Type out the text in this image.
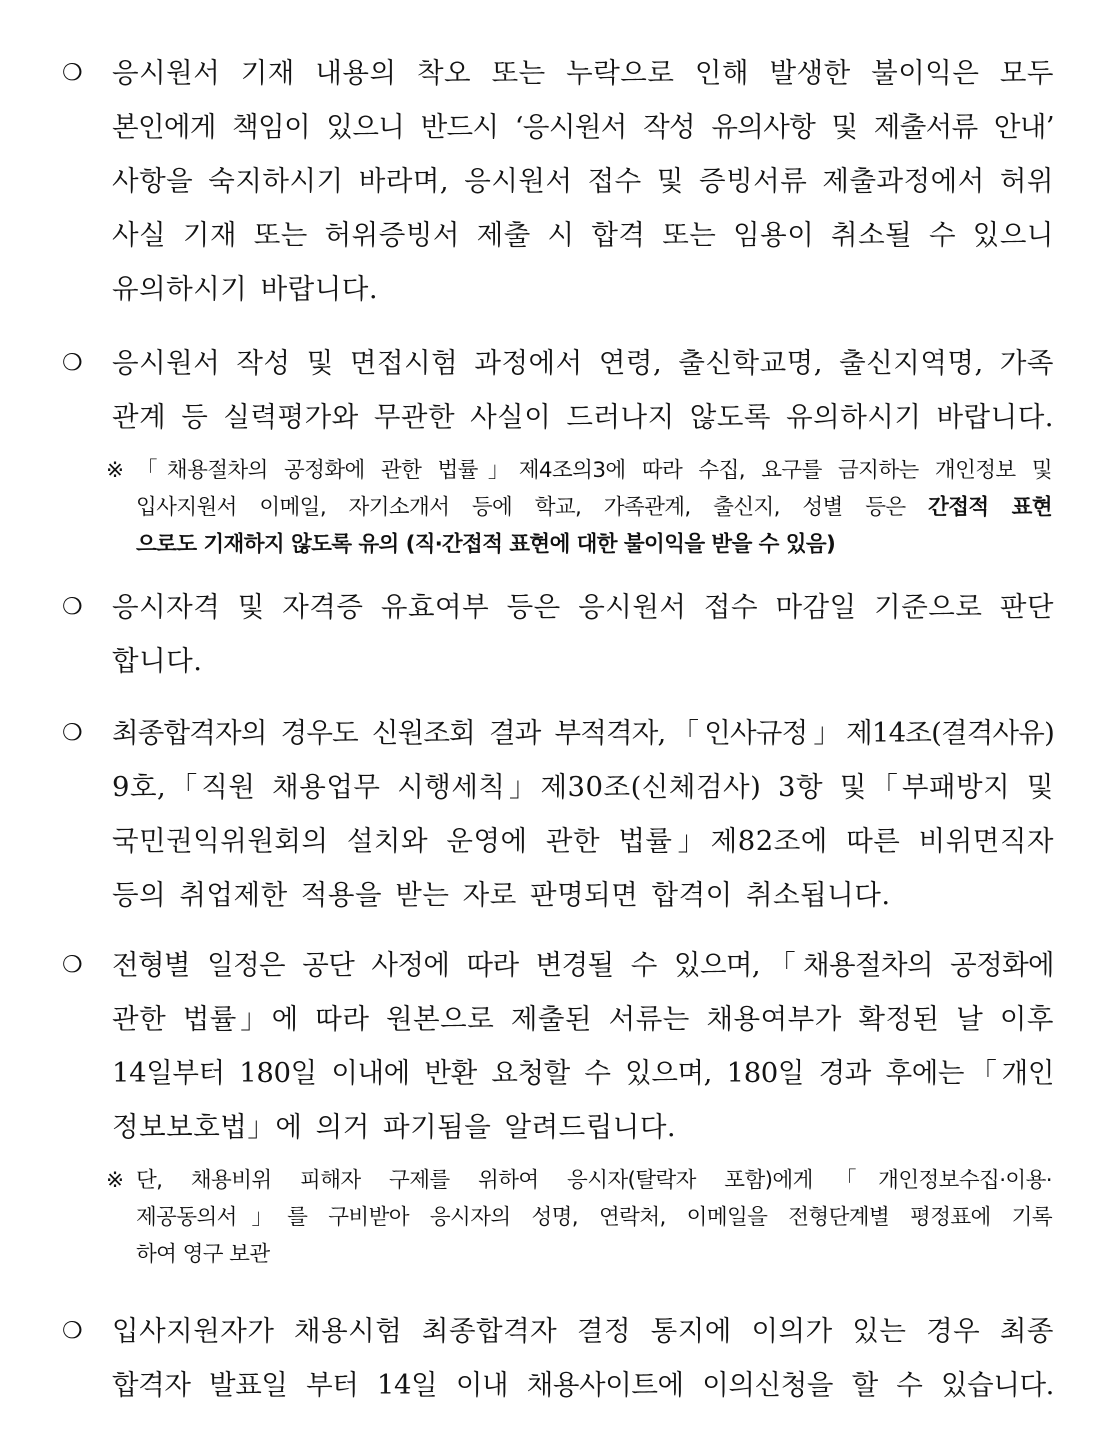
❍	응시원서 기재 내용의 착오 또는 누락으로 인해 발생한 불이익은 모두
본인에게 책임이 있으니 반드시 ‘응시원서 작성 유의사항 및 제출서류 안내’
사항을 숙지하시기 바라며, 응시원서 접수 및 증빙서류 제출과정에서 허위
사실 기재 또는 허위증빙서 제출 시 합격 또는 임용이 취소될 수 있으니
유의하시기 바랍니다.
❍	응시원서 작성 및 면접시험 과정에서 연령, 출신학교명, 출신지역명, 가족
관계 등 실력평가와 무관한 사실이 드러나지 않도록 유의하시기 바랍니다.
※ 「채용절차의 공정화에 관한 법률」제4조의3에 따라 수집, 요구를 금지하는 개인정보 및
입사지원서 이메일, 자기소개서 등에 학교, 가족관계, 출신지, 성별 등은 간접적 표현
으로도 기재하지 않도록 유의 (직‧간접적 표현에 대한 불이익을 받을 수 있음)
❍	응시자격 및 자격증 유효여부 등은 응시원서 접수 마감일 기준으로 판단
합니다.
❍	최종합격자의 경우도 신원조회 결과 부적격자,「인사규정」제14조(결격사유)
9호,「직원 채용업무 시행세칙」제30조(신체검사) 3항 및「부패방지 및
국민권익위원회의 설치와 운영에 관한 법률」제82조에 따른 비위면직자
등의 취업제한 적용을 받는 자로 판명되면 합격이 취소됩니다.
❍	전형별 일정은 공단 사정에 따라 변경될 수 있으며,「채용절차의 공정화에
관한 법률」에 따라 원본으로 제출된 서류는 채용여부가 확정된 날 이후
14일부터 180일 이내에 반환 요청할 수 있으며, 180일 경과 후에는「개인
정보보호법」에 의거 파기됨을 알려드립니다.
※ 단, 채용비위 피해자 구제를 위하여 응시자(탈락자 포함)에게「개인정보수집·이용·
제공동의서」를 구비받아 응시자의 성명, 연락처, 이메일을 전형단계별 평정표에 기록
하여 영구 보관
❍	입사지원자가 채용시험 최종합격자 결정 통지에 이의가 있는 경우 최종
합격자 발표일 부터 14일 이내 채용사이트에 이의신청을 할 수 있습니다.
